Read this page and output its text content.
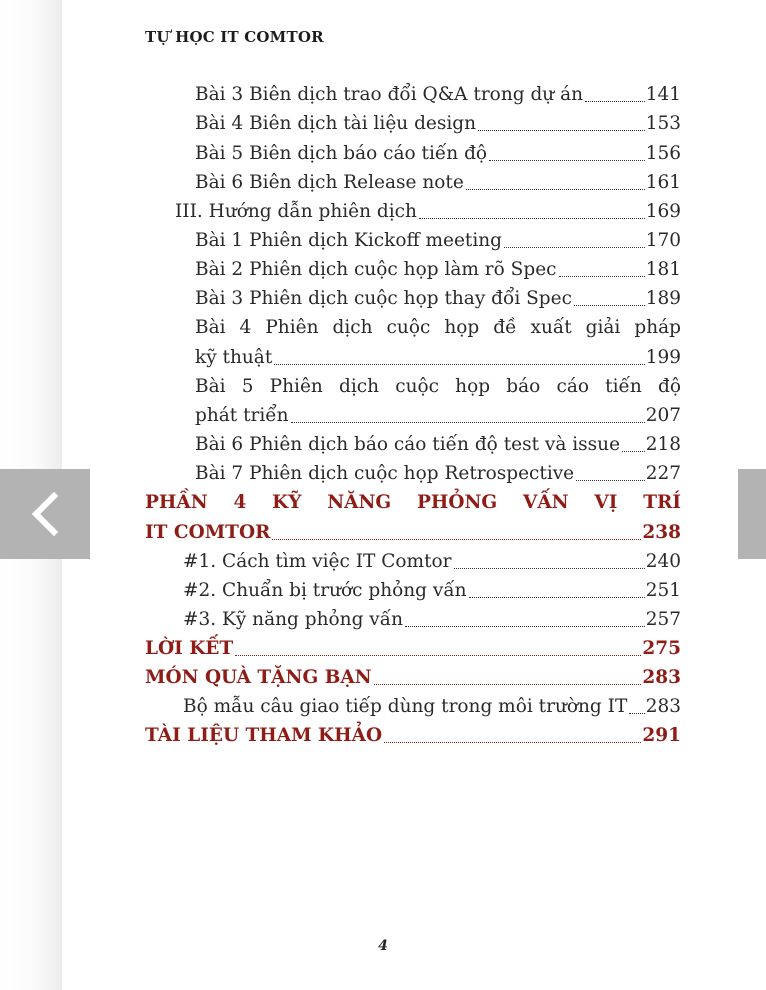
TỰ HỌC IT COMTOR
Bài 3 Biên dịch trao đổi Q&A trong dự án	141
Bài 4 Biên dịch tài liệu design	153
Bài 5 Biên dịch báo cáo tiến độ	156
Bài 6 Biên dịch Release note	161
III. Hướng dẫn phiên dịch	169
Bài 1 Phiên dịch Kickoff meeting	170
Bài 2 Phiên dịch cuộc họp làm rõ Spec	181
Bài 3 Phiên dịch cuộc họp thay đổi Spec	189
Bài 4 Phiên dịch cuộc họp đề xuất giải pháp
kỹ thuật	199
Bài 5 Phiên dịch cuộc họp báo cáo tiến độ
phát triển	207
Bài 6 Phiên dịch báo cáo tiến độ test và issue 218
Bài 7 Phiên dịch cuộc họp Retrospective	227
PHẦN 4 KỸ NĂNG PHỎNG VẤN VỊ TRÍ
IT COMTOR	238
#1. Cách tìm việc IT Comtor	240
#2. Chuẩn bị trước phỏng vấn	251
#3. Kỹ năng phỏng vấn	257
LỜI KẾT	275
MÓN QUÀ TẶNG BẠN	283
Bộ mẫu câu giao tiếp dùng trong môi trường IT 283
TÀI LIỆU THAM KHẢO	291
4
